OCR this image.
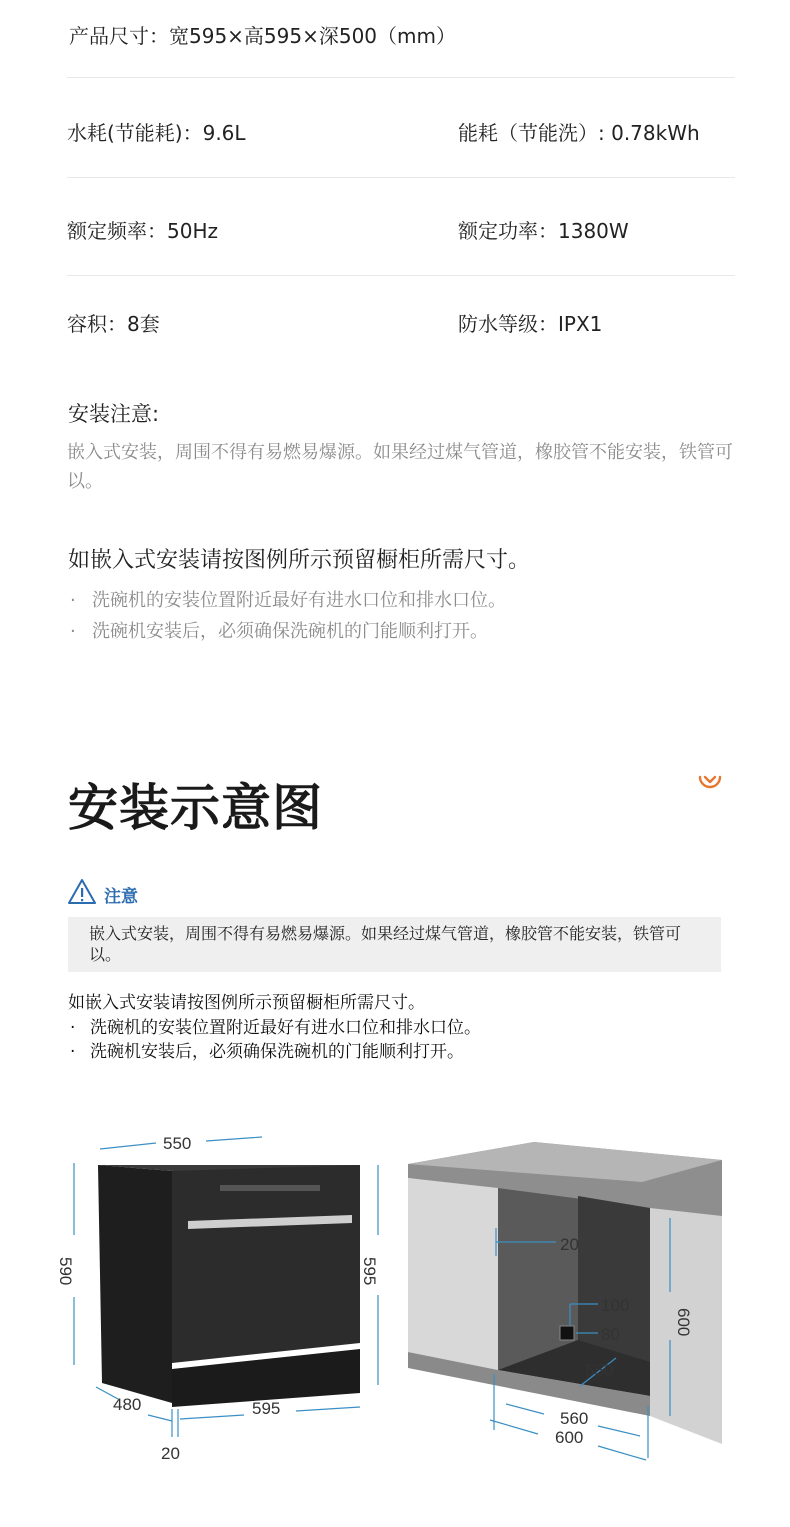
产品尺寸：宽595×高595×深500（mm）
水耗(节能耗)：9.6L	能耗（节能洗）: 0.78kWh
额定频率：50Hz	额定功率：1380W
容积：8套	防水等级：IPX1
安装注意:
嵌入式安装，周围不得有易燃易爆源。如果经过煤气管道，橡胶管不能安装，铁管可以。
如嵌入式安装请按图例所示预留橱柜所需尺寸。
· 洗碗机的安装位置附近最好有进水口位和排水口位。
· 洗碗机安装后，必须确保洗碗机的门能顺利打开。
安装示意图
注意
嵌入式安装，周围不得有易燃易爆源。如果经过煤气管道，橡胶管不能安装，铁管可以。
如嵌入式安装请按图例所示预留橱柜所需尺寸。
· 洗碗机的安装位置附近最好有进水口位和排水口位。
· 洗碗机安装后，必须确保洗碗机的门能顺利打开。
550
590	595
480	595
20
20
100
80
550
600
560
600
